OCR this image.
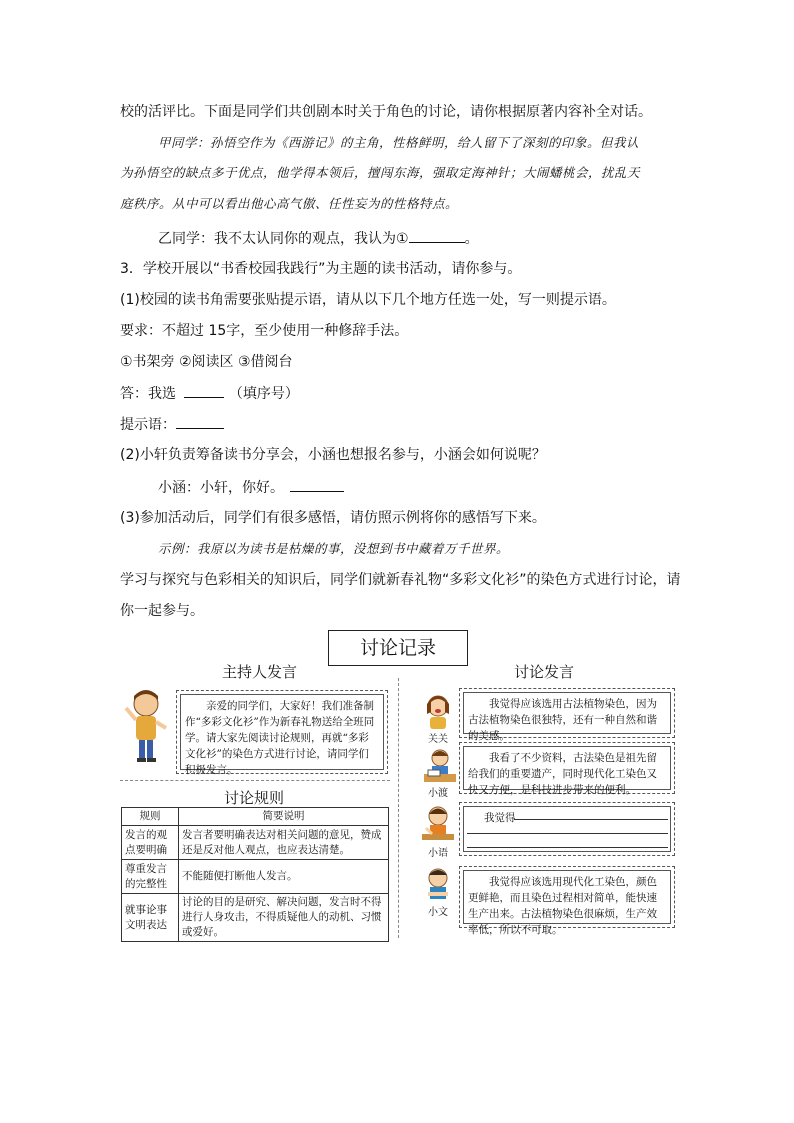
校的活评比。下面是同学们共创剧本时关于角色的讨论，请你根据原著内容补全对话。
甲同学：孙悟空作为《西游记》的主角，性格鲜明，给人留下了深刻的印象。但我认
为孙悟空的缺点多于优点，他学得本领后，擅闯东海，强取定海神针；大闹蟠桃会，扰乱天
庭秩序。从中可以看出他心高气傲、任性妄为的性格特点。
乙同学：我不太认同你的观点，我认为①	。
3．学校开展以“书香校园我践行”为主题的读书活动，请你参与。
(1)校园的读书角需要张贴提示语，请从以下几个地方任选一处，写一则提示语。
要求：不超过 15字，至少使用一种修辞手法。
①书架旁 ②阅读区 ③借阅台
答：我选	（填序号）
提示语：
(2)小轩负责筹备读书分享会，小涵也想报名参与，小涵会如何说呢？
小涵：小轩，你好。
(3)参加活动后，同学们有很多感悟，请仿照示例将你的感悟写下来。
示例：我原以为读书是枯燥的事，没想到书中藏着万千世界。
学习与探究与色彩相关的知识后，同学们就新春礼物“多彩文化衫”的染色方式进行讨论，请
你一起参与。
讨论记录
主持人发言	讨论发言
亲爱的同学们，大家好！我们准备制作“多彩文化衫”作为新春礼物送给全班同学。请大家先阅读讨论规则，再就“多彩文化衫”的染色方式进行讨论，请同学们积极发言。
讨论规则
规则	简要说明
发言的观点要明确	发言者要明确表达对相关问题的意见，赞成还是反对他人观点，也应表达清楚。
尊重发言的完整性	不能随便打断他人发言。
就事论事文明表达	讨论的目的是研究、解决问题，发言时不得进行人身攻击，不得质疑他人的动机、习惯或爱好。
关关
我觉得应该选用古法植物染色，因为古法植物染色很独特，还有一种自然和谐的美感。
小渡
我看了不少资料，古法染色是祖先留给我们的重要遗产，同时现代化工染色又快又方便，是科技进步带来的便利。
小语
我觉得
小文
我觉得应该选用现代化工染色，颜色更鲜艳，而且染色过程相对简单，能快速生产出来。古法植物染色很麻烦，生产效率低，所以不可取。
